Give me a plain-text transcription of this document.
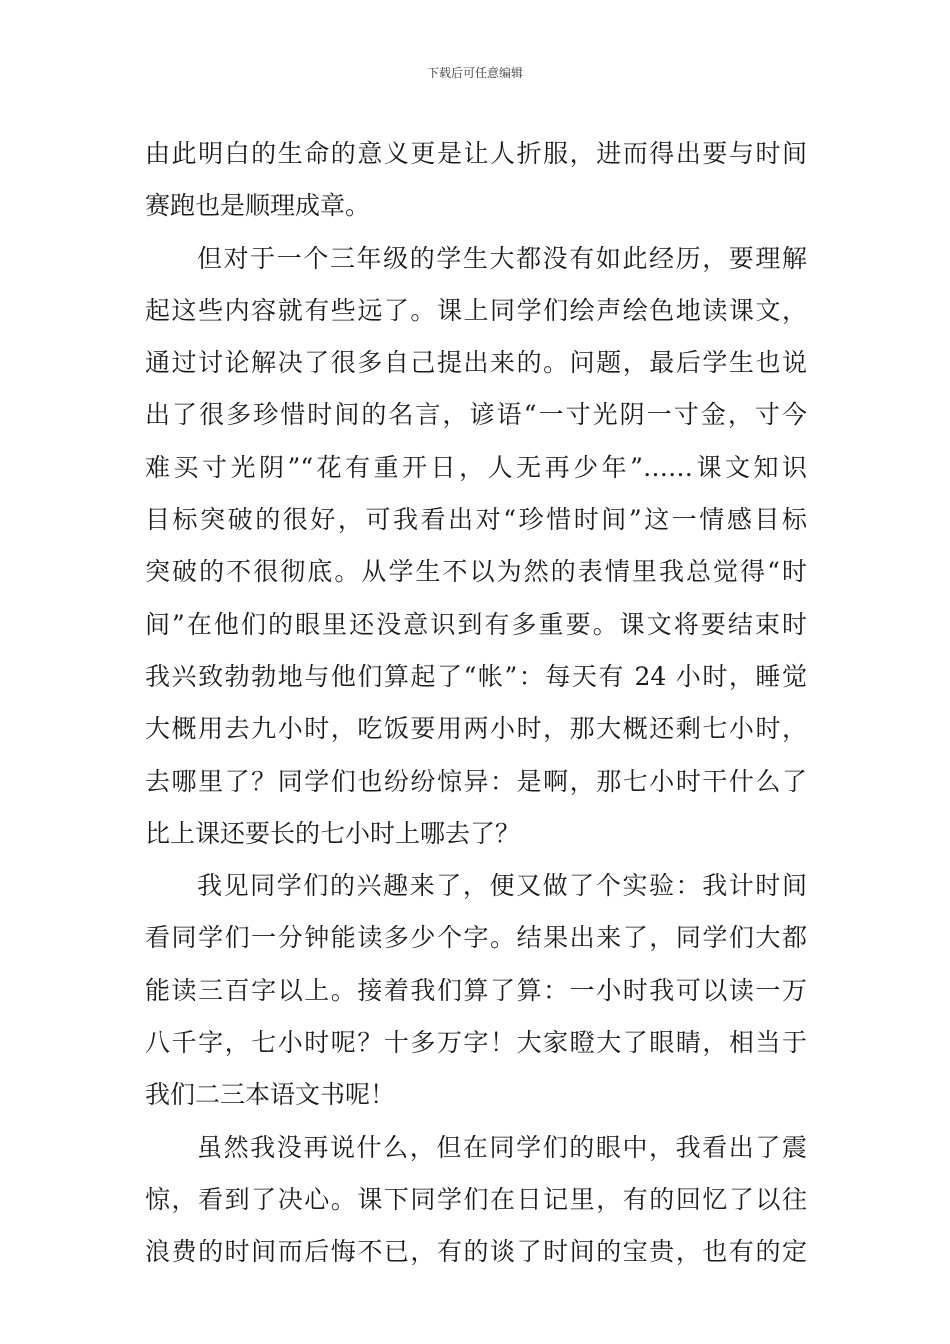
下载后可任意编辑
由此明白的生命的意义更是让人折服，进而得出要与时间
赛跑也是顺理成章。
但对于一个三年级的学生大都没有如此经历，要理解
起这些内容就有些远了。课上同学们绘声绘色地读课文，
通过讨论解决了很多自己提出来的。问题，最后学生也说
出了很多珍惜时间的名言，谚语“一寸光阴一寸金，寸今
难买寸光阴”“花有重开日，人无再少年”……课文知识
目标突破的很好，可我看出对“珍惜时间”这一情感目标
突破的不很彻底。从学生不以为然的表情里我总觉得“时
间”在他们的眼里还没意识到有多重要。课文将要结束时
我兴致勃勃地与他们算起了“帐”：每天有 24 小时，睡觉
大概用去九小时，吃饭要用两小时，那大概还剩七小时，
去哪里了？同学们也纷纷惊异：是啊，那七小时干什么了
比上课还要长的七小时上哪去了？
我见同学们的兴趣来了，便又做了个实验：我计时间
看同学们一分钟能读多少个字。结果出来了，同学们大都
能读三百字以上。接着我们算了算：一小时我可以读一万
八千字，七小时呢？十多万字！大家瞪大了眼睛，相当于
我们二三本语文书呢！
虽然我没再说什么，但在同学们的眼中，我看出了震
惊，看到了决心。课下同学们在日记里，有的回忆了以往
浪费的时间而后悔不已，有的谈了时间的宝贵，也有的定
